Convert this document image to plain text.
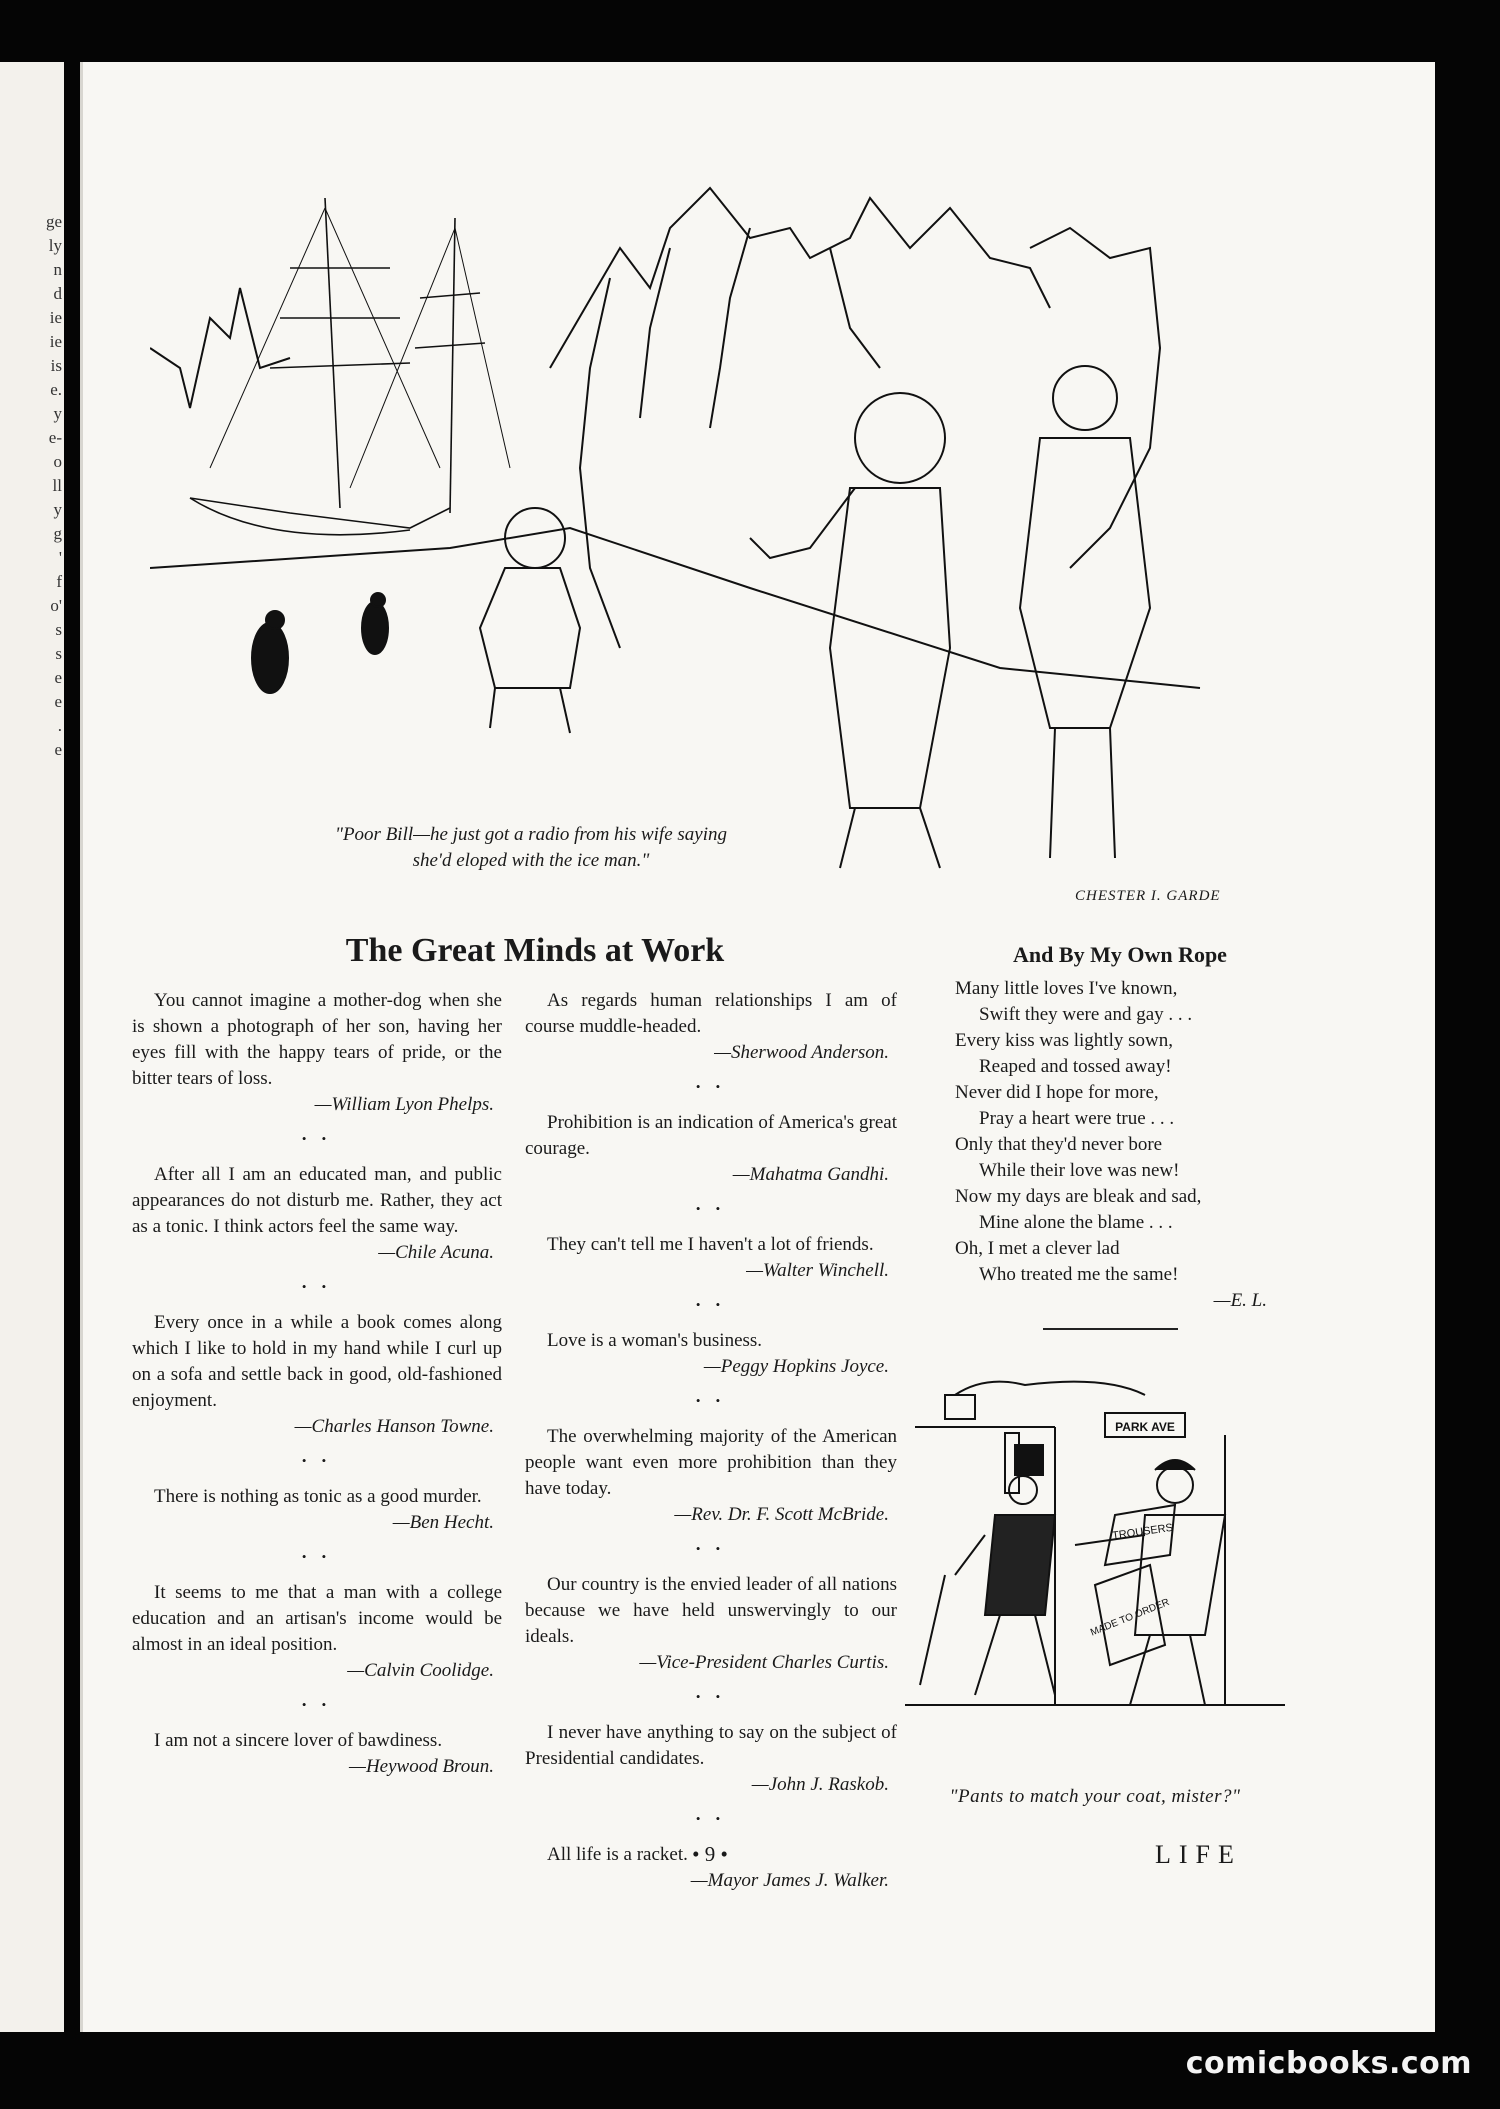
ge
ly
n
d
ie
ie
is
e.
y
e-
o
ll
y
g
'
f
o'
s
s
e
e
.
e
"Poor Bill—he just got a radio from his wife saying
she'd eloped with the ice man."
CHESTER I. GARDE
The Great Minds at Work

You cannot imagine a mother-dog when she is shown a photograph of her son, having her eyes fill with the happy tears of pride, or the bitter tears of loss.

—William Lyon Phelps.

• •

After all I am an educated man, and public appearances do not disturb me. Rather, they act as a tonic. I think actors feel the same way.

—Chile Acuna.

• •

Every once in a while a book comes along which I like to hold in my hand while I curl up on a sofa and settle back in good, old-fashioned enjoyment.

—Charles Hanson Towne.

• •

There is nothing as tonic as a good murder.

—Ben Hecht.

• •

It seems to me that a man with a college education and an artisan's income would be almost in an ideal position.

—Calvin Coolidge.

• •

I am not a sincere lover of bawdiness.

—Heywood Broun.

As regards human relationships I am of course muddle-headed.

—Sherwood Anderson.

• •

Prohibition is an indication of America's great courage.

—Mahatma Gandhi.

• •

They can't tell me I haven't a lot of friends.

—Walter Winchell.

• •

Love is a woman's business.

—Peggy Hopkins Joyce.

• •

The overwhelming majority of the American people want even more prohibition than they have today.

—Rev. Dr. F. Scott McBride.

• •

Our country is the envied leader of all nations because we have held unswervingly to our ideals.

—Vice-President Charles Curtis.

• •

I never have anything to say on the subject of Presidential candidates.

—John J. Raskob.

• •

All life is a racket.

—Mayor James J. Walker.

And By My Own Rope

Many little loves I've known,

Swift they were and gay . . .

Every kiss was lightly sown,

Reaped and tossed away!

Never did I hope for more,

Pray a heart were true . . .

Only that they'd never bore

While their love was new!

Now my days are bleak and sad,

Mine alone the blame . . .

Oh, I met a clever lad

Who treated me the same!

—E. L.

PARK AVE
TROUSERS
MADE TO ORDER
"Pants to match your coat, mister?"
• 9 •	LIFE
comicbooks.com
